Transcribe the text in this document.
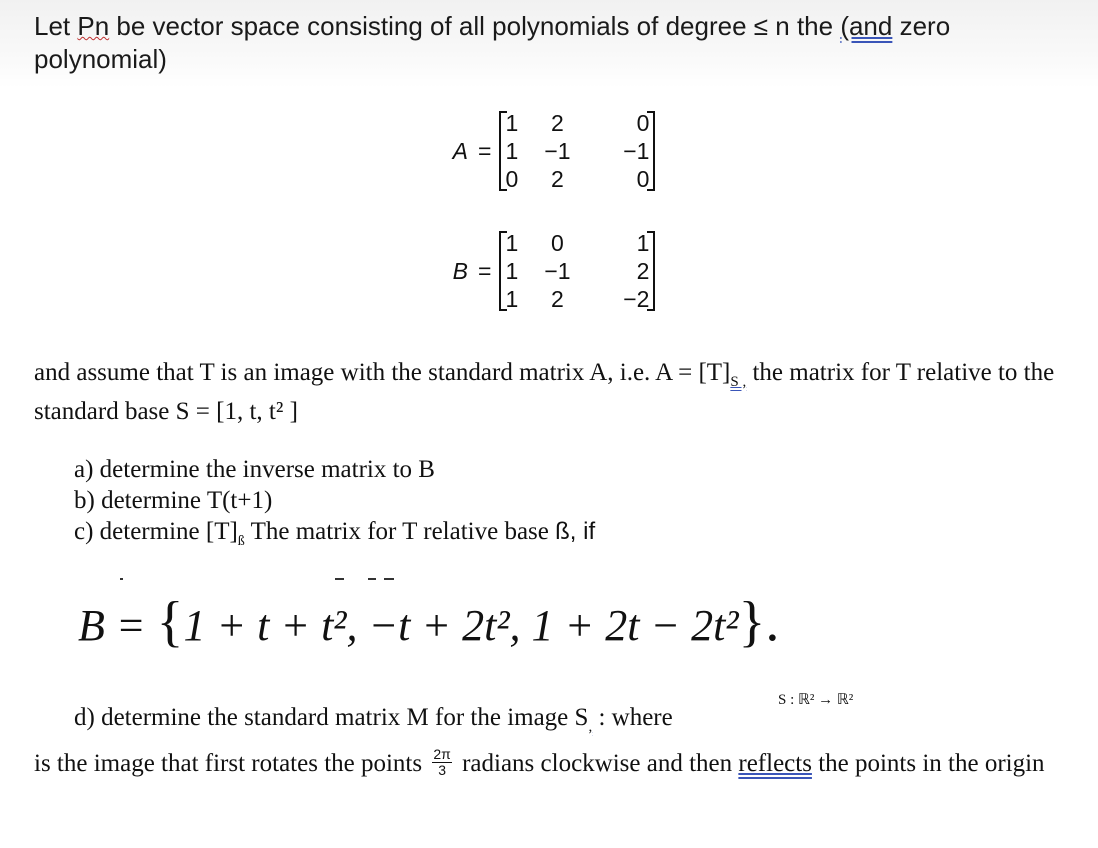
Let Pn be vector space consisting of all polynomials of degree ≤ n the (and zero polynomial)
A =
1	2	0
1	−1	−1
0	2	0
B =
1	0	1
1	−1	2
1	2	−2
and assume that T is an image with the standard matrix A, i.e. $A = [T]_{S ,}$ the matrix for T relative to the standard base S = [1, t, t² ]
a) determine the inverse matrix to B
b) determine T(t+1)
c) determine $[T]_ß$ The matrix for T relative base ß, if
B = {1 + t + t², −t + 2t², 1 + 2t − 2t²}.
S : ℝ² → ℝ²
d) determine the standard matrix M for the image $S_,$ : where
is the image that first rotates the points $\frac{2\pi}{3}$ radians clockwise and then reflects the points in the origin
